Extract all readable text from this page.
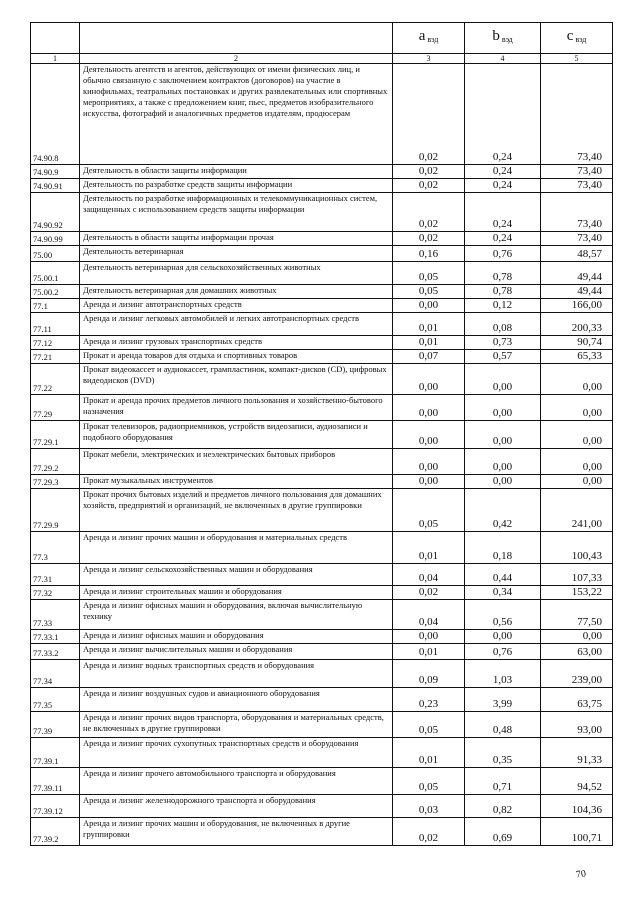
		a $_{вэд}$	b $_{вэд}$	c $_{вэд}$
1	2	3	4	5
74.90.8	Деятельность агентств и агентов, действующих от имени физических лиц, и обычно связанную с заключением контрактов (договоров) на участие в кинофильмах, театральных постановках и других развлекательных или спортивных мероприятиях, а также с предложением книг, пьес, предметов изобразительного искусства, фотографий и аналогичных предметов издателям, продюсерам	0,02	0,24	73,40
74.90.9	Деятельность в области защиты информации	0,02	0,24	73,40
74.90.91	Деятельность по разработке средств защиты информации	0,02	0,24	73,40
74.90.92	Деятельность по разработке информационных и телекоммуникационных систем, защищенных с использованием средств защиты информации	0,02	0,24	73,40
74.90.99	Деятельность в области защиты информации прочая	0,02	0,24	73,40
75.00	Деятельность ветеринарная	0,16	0,76	48,57
75.00.1	Деятельность ветеринарная для сельскохозяйственных животных	0,05	0,78	49,44
75.00.2	Деятельность ветеринарная для домашних животных	0,05	0,78	49,44
77.1	Аренда и лизинг автотранспортных средств	0,00	0,12	166,00
77.11	Аренда и лизинг легковых автомобилей и легких автотранспортных средств	0,01	0,08	200,33
77.12	Аренда и лизинг грузовых транспортных средств	0,01	0,73	90,74
77.21	Прокат и аренда товаров для отдыха и спортивных товаров	0,07	0,57	65,33
77.22	Прокат видеокассет и аудиокассет, грампластинок, компакт-дисков (CD), цифровых видеодисков (DVD)	0,00	0,00	0,00
77.29	Прокат и аренда прочих предметов личного пользования и хозяйственно-бытового назначения	0,00	0,00	0,00
77.29.1	Прокат телевизоров, радиоприемников, устройств видеозаписи, аудиозаписи и подобного оборудования	0,00	0,00	0,00
77.29.2	Прокат мебели, электрических и неэлектрических бытовых приборов	0,00	0,00	0,00
77.29.3	Прокат музыкальных инструментов	0,00	0,00	0,00
77.29.9	Прокат прочих бытовых изделий и предметов личного пользования для домашних хозяйств, предприятий и организаций, не включенных в другие группировки	0,05	0,42	241,00
77.3	Аренда и лизинг прочих машин и оборудования и материальных средств	0,01	0,18	100,43
77.31	Аренда и лизинг сельскохозяйственных машин и оборудования	0,04	0,44	107,33
77.32	Аренда и лизинг строительных машин и оборудования	0,02	0,34	153,22
77.33	Аренда и лизинг офисных машин и оборудования, включая вычислительную технику	0,04	0,56	77,50
77.33.1	Аренда и лизинг офисных машин и оборудования	0,00	0,00	0,00
77.33.2	Аренда и лизинг вычислительных машин и оборудования	0,01	0,76	63,00
77.34	Аренда и лизинг водных транспортных средств и оборудования	0,09	1,03	239,00
77.35	Аренда и лизинг воздушных судов и авиационного оборудования	0,23	3,99	63,75
77.39	Аренда и лизинг прочих видов транспорта, оборудования и материальных средств, не включенных в другие группировки	0,05	0,48	93,00
77.39.1	Аренда и лизинг прочих сухопутных транспортных средств и оборудования	0,01	0,35	91,33
77.39.11	Аренда и лизинг прочего автомобильного транспорта и оборудования	0,05	0,71	94,52
77.39.12	Аренда и лизинг железнодорожного транспорта и оборудования	0,03	0,82	104,36
77.39.2	Аренда и лизинг прочих машин и оборудования, не включенных в другие группировки	0,02	0,69	100,71
70
